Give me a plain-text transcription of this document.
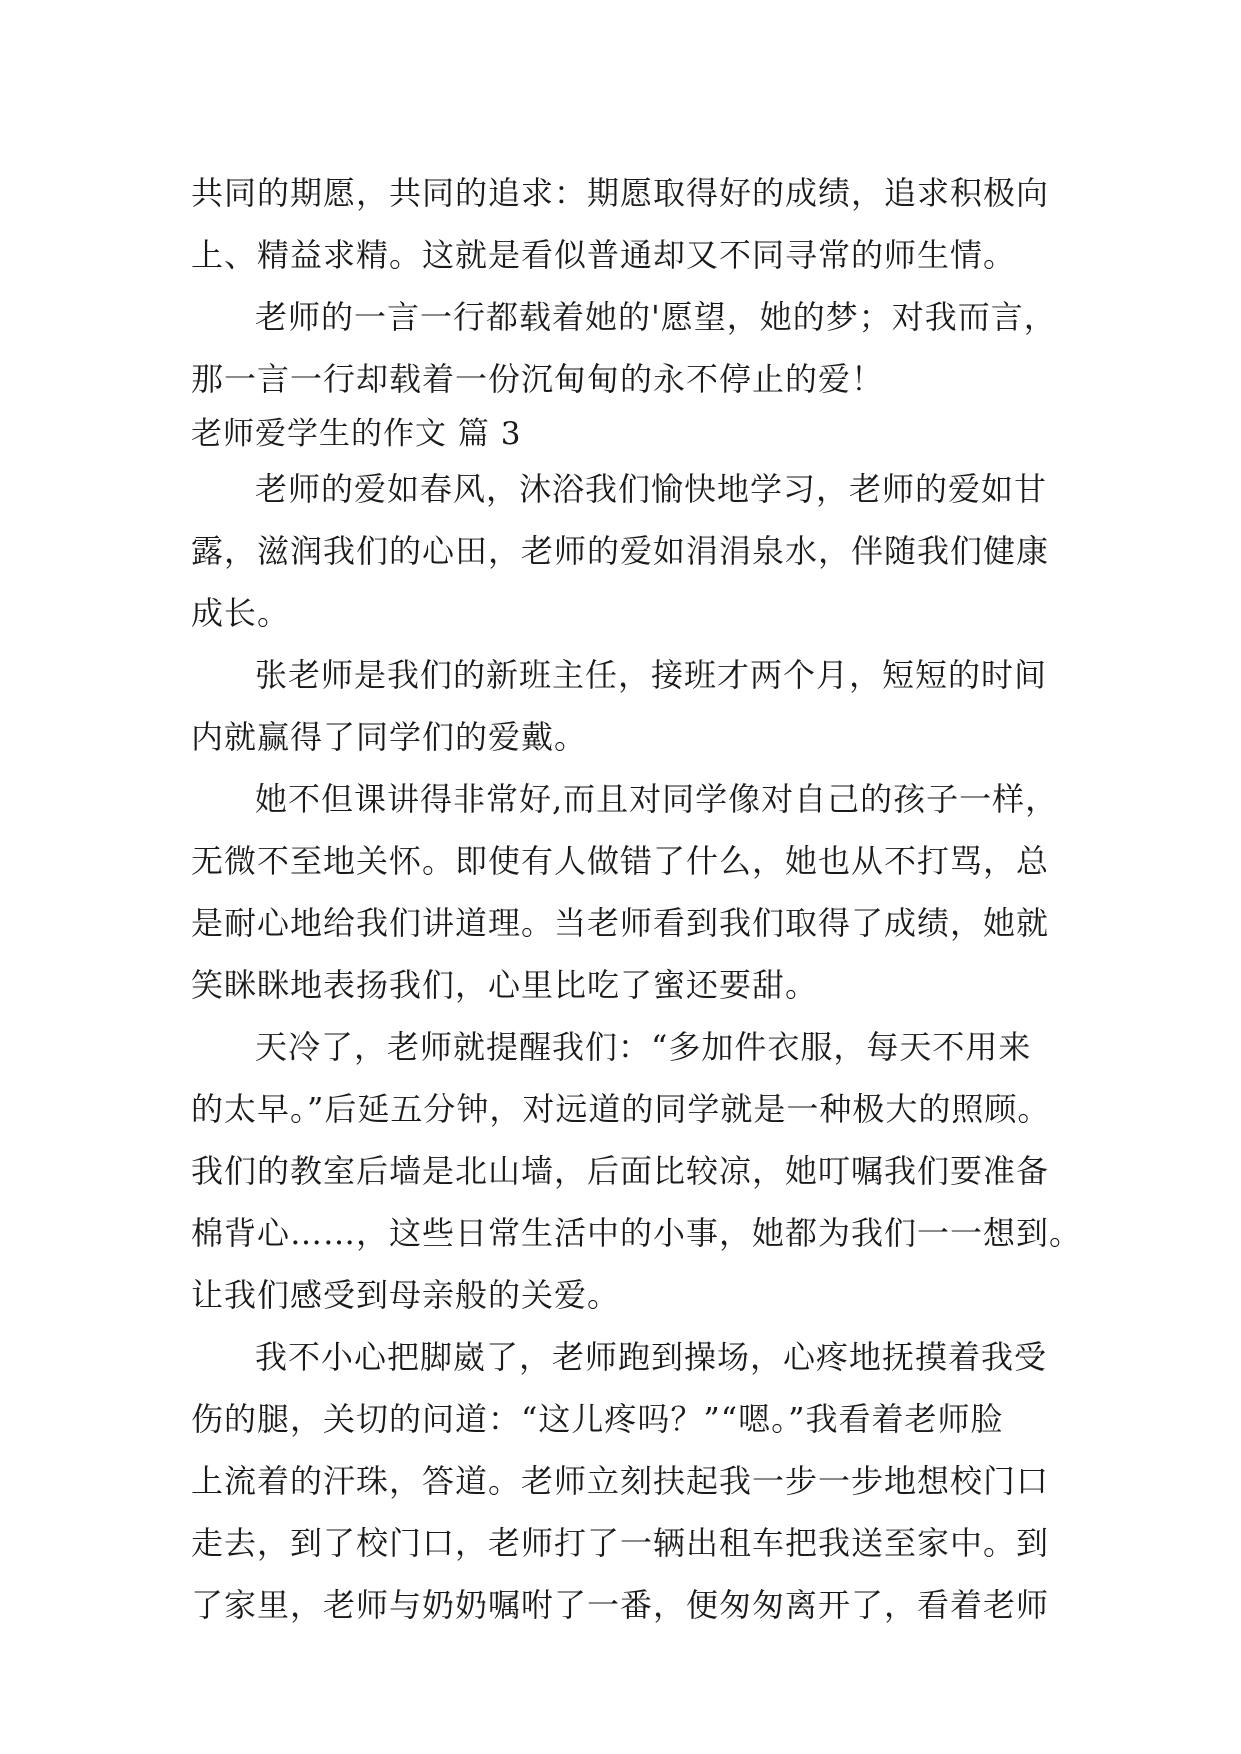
共同的期愿，共同的追求：期愿取得好的成绩，追求积极向
上、精益求精。这就是看似普通却又不同寻常的师生情。
老师的一言一行都载着她的'愿望，她的梦；对我而言，
那一言一行却载着一份沉甸甸的永不停止的爱！
老师爱学生的作文 篇 3
老师的爱如春风，沐浴我们愉快地学习，老师的爱如甘
露，滋润我们的心田，老师的爱如涓涓泉水，伴随我们健康
成长。
张老师是我们的新班主任，接班才两个月，短短的时间
内就赢得了同学们的爱戴。
她不但课讲得非常好,而且对同学像对自己的孩子一样，
无微不至地关怀。即使有人做错了什么，她也从不打骂，总
是耐心地给我们讲道理。当老师看到我们取得了成绩，她就
笑眯眯地表扬我们，心里比吃了蜜还要甜。
天冷了，老师就提醒我们：“多加件衣服，每天不用来
的太早。”后延五分钟，对远道的同学就是一种极大的照顾。
我们的教室后墙是北山墙，后面比较凉，她叮嘱我们要准备
棉背心……，这些日常生活中的小事，她都为我们一一想到。
让我们感受到母亲般的关爱。
我不小心把脚崴了，老师跑到操场，心疼地抚摸着我受
伤的腿，关切的问道：“这儿疼吗？”“嗯。”我看着老师脸
上流着的汗珠，答道。老师立刻扶起我一步一步地想校门口
走去，到了校门口，老师打了一辆出租车把我送至家中。到
了家里，老师与奶奶嘱咐了一番，便匆匆离开了，看着老师
